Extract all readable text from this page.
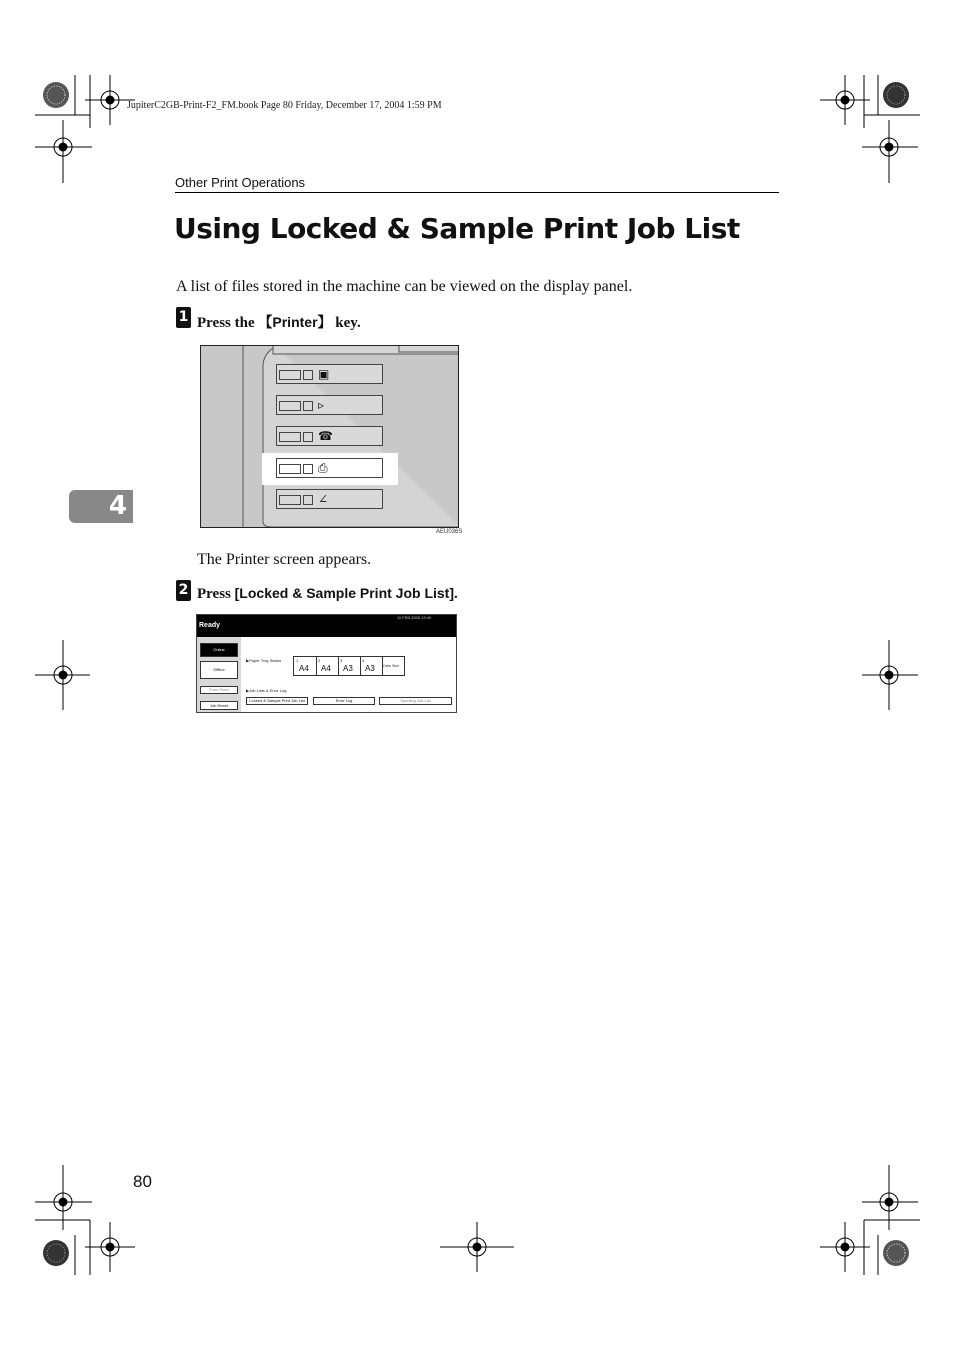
JupiterC2GB-Print-F2_FM.book Page 80 Friday, December 17, 2004 1:59 PM
Other Print Operations
Using Locked & Sample Print Job List
A list of files stored in the machine can be viewed on the display panel.
1 Press the 【Printer】 key.
▣
▹
☎
⎙
∠
AEU036S
The Printer screen appears.
2 Press [Locked & Sample Print Job List].
Ready
11 FEB 2005 13:40
Online
Offline
Form Feed
Job Reset
▶Paper Tray Status	1
A4
2
A4
3
A3
4
A3 Cstm Size
▶Job Lists & Error Log
Locked & Sample Print Job List	Error Log	Spooling Job List
4
80
